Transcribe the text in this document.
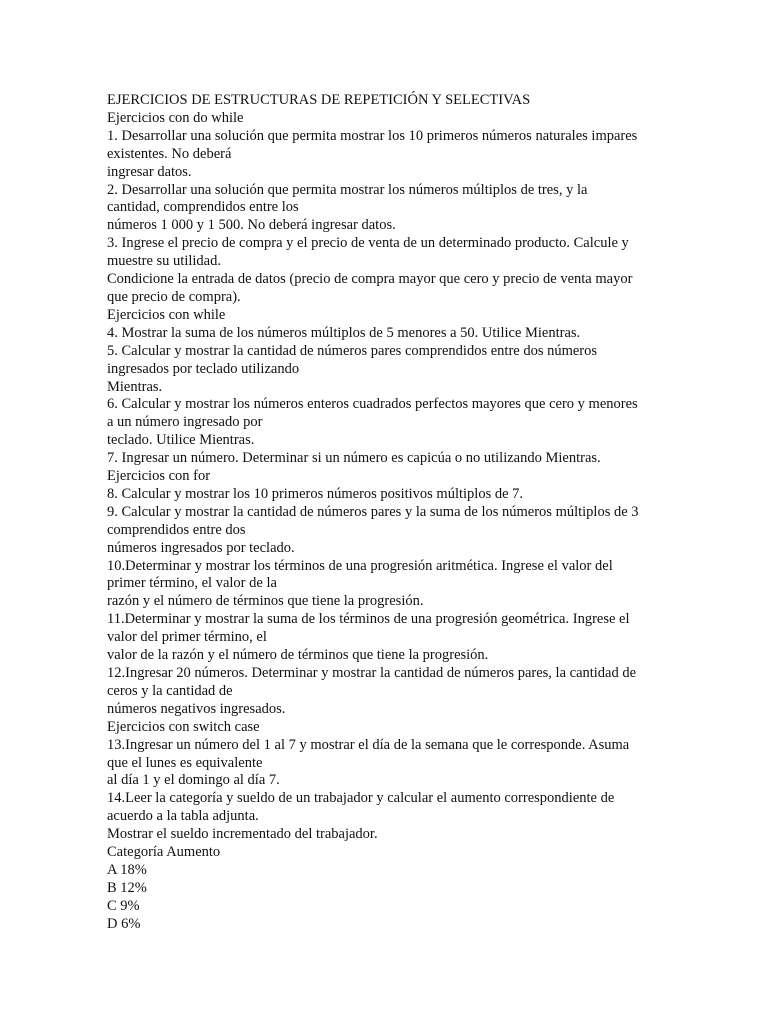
EJERCICIOS DE ESTRUCTURAS DE REPETICIÓN Y SELECTIVAS
Ejercicios con do while
1. Desarrollar una solución que permita mostrar los 10 primeros números naturales impares
existentes. No deberá
ingresar datos.
2. Desarrollar una solución que permita mostrar los números múltiplos de tres, y la
cantidad, comprendidos entre los
números 1 000 y 1 500. No deberá ingresar datos.
3. Ingrese el precio de compra y el precio de venta de un determinado producto. Calcule y
muestre su utilidad.
Condicione la entrada de datos (precio de compra mayor que cero y precio de venta mayor
que precio de compra).
Ejercicios con while
4. Mostrar la suma de los números múltiplos de 5 menores a 50. Utilice Mientras.
5. Calcular y mostrar la cantidad de números pares comprendidos entre dos números
ingresados por teclado utilizando
Mientras.
6. Calcular y mostrar los números enteros cuadrados perfectos mayores que cero y menores
a un número ingresado por
teclado. Utilice Mientras.
7. Ingresar un número. Determinar si un número es capicúa o no utilizando Mientras.
Ejercicios con for
8. Calcular y mostrar los 10 primeros números positivos múltiplos de 7.
9. Calcular y mostrar la cantidad de números pares y la suma de los números múltiplos de 3
comprendidos entre dos
números ingresados por teclado.
10.Determinar y mostrar los términos de una progresión aritmética. Ingrese el valor del
primer término, el valor de la
razón y el número de términos que tiene la progresión.
11.Determinar y mostrar la suma de los términos de una progresión geométrica. Ingrese el
valor del primer término, el
valor de la razón y el número de términos que tiene la progresión.
12.Ingresar 20 números. Determinar y mostrar la cantidad de números pares, la cantidad de
ceros y la cantidad de
números negativos ingresados.
Ejercicios con switch case
13.Ingresar un número del 1 al 7 y mostrar el día de la semana que le corresponde. Asuma
que el lunes es equivalente
al día 1 y el domingo al día 7.
14.Leer la categoría y sueldo de un trabajador y calcular el aumento correspondiente de
acuerdo a la tabla adjunta.
Mostrar el sueldo incrementado del trabajador.
Categoría Aumento
A 18%
B 12%
C 9%
D 6%
